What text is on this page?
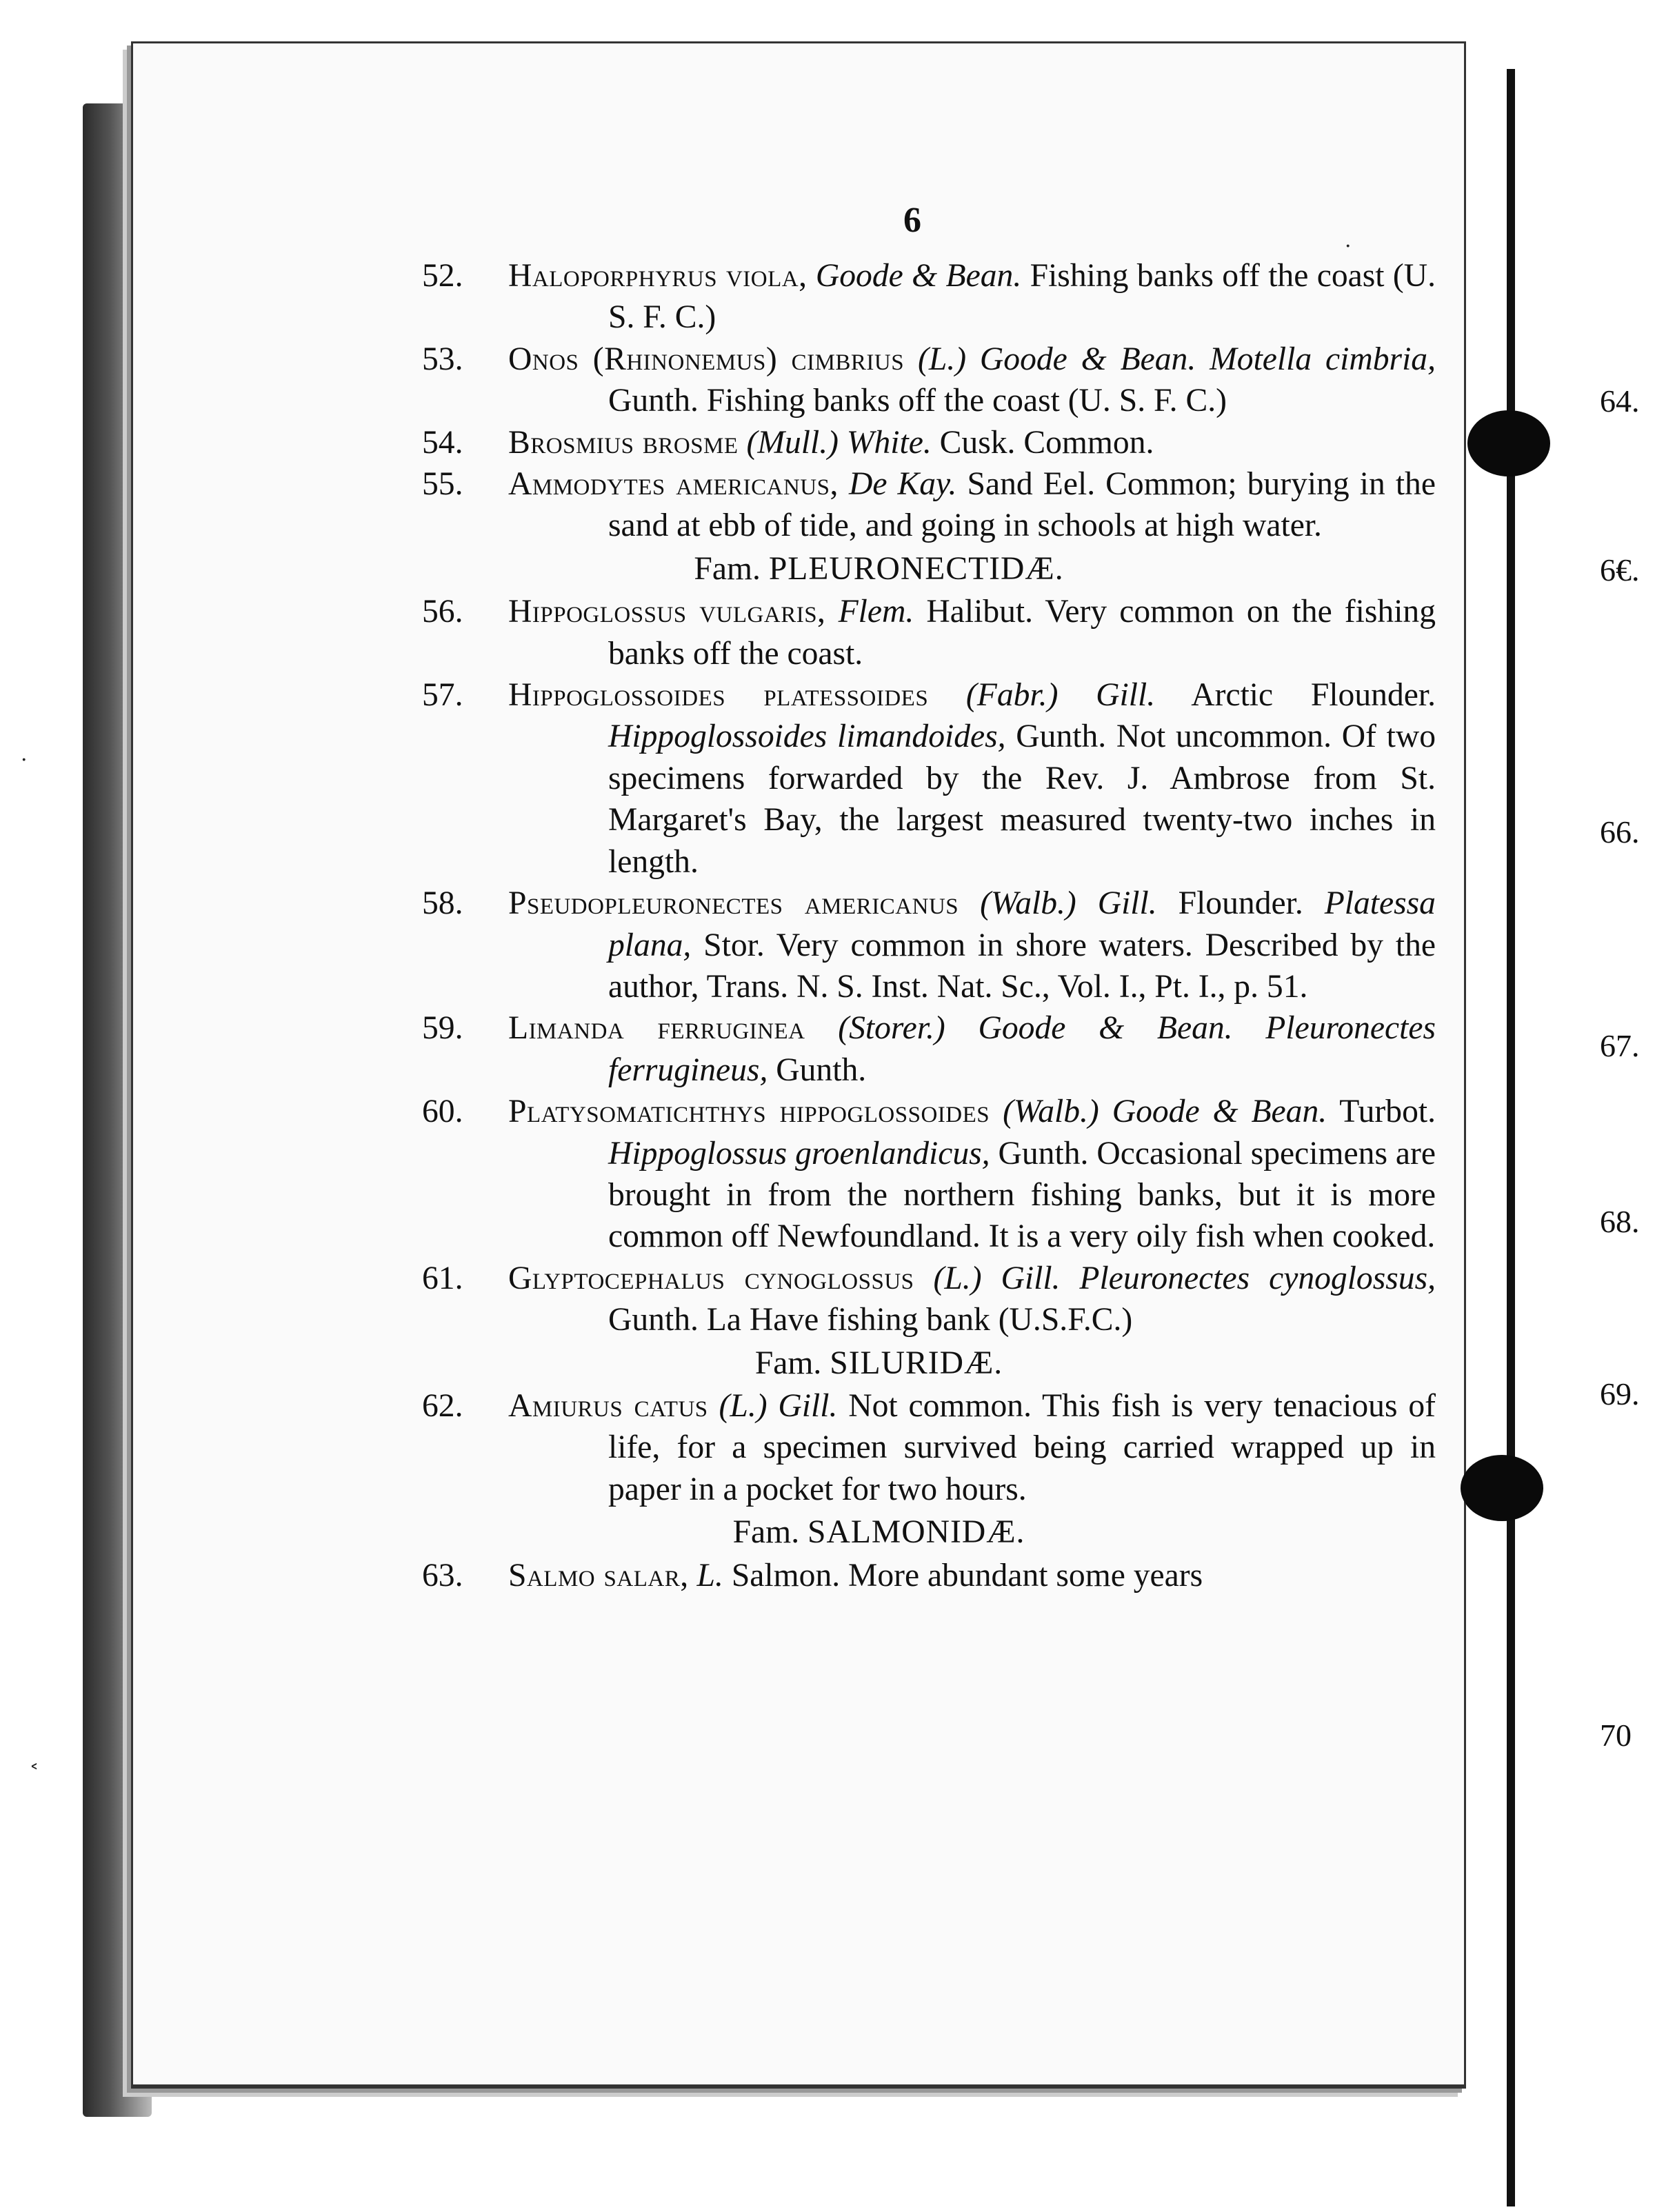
64.
6€.
66.
67.
68.
69.
70
·
·
˂
6
52.	Haloporphyrus viola, Goode & Bean. Fishing banks off the coast (U. S. F. C.)
53.	Onos (Rhinonemus) cimbrius (L.) Goode & Bean. Motella cimbria, Gunth. Fishing banks off the coast (U. S. F. C.)
54.	Brosmius brosme (Mull.) White. Cusk. Common.
55.	Ammodytes americanus, De Kay. Sand Eel. Common; burying in the sand at ebb of tide, and going in schools at high water.
Fam. PLEURONECTIDÆ.
56.	Hippoglossus vulgaris, Flem. Halibut. Very common on the fishing banks off the coast.
57.	Hippoglossoides platessoides (Fabr.) Gill. Arctic Flounder. Hippoglossoides limandoides, Gunth. Not uncommon. Of two specimens forwarded by the Rev. J. Ambrose from St. Margaret's Bay, the largest measured twenty-two inches in length.
58.	Pseudopleuronectes americanus (Walb.) Gill. Flounder. Platessa plana, Stor. Very common in shore waters. Described by the author, Trans. N. S. Inst. Nat. Sc., Vol. I., Pt. I., p. 51.
59.	Limanda ferruginea (Storer.) Goode & Bean. Pleuronectes ferrugineus, Gunth.
60.	Platysomatichthys hippoglossoides (Walb.) Goode & Bean. Turbot. Hippoglossus groenlandicus, Gunth. Occasional specimens are brought in from the northern fishing banks, but it is more common off Newfoundland. It is a very oily fish when cooked.
61.	Glyptocephalus cynoglossus (L.) Gill. Pleuronectes cynoglossus, Gunth. La Have fishing bank (U.S.F.C.)
Fam. SILURIDÆ.
62.	Amiurus catus (L.) Gill. Not common. This fish is very tenacious of life, for a specimen survived being carried wrapped up in paper in a pocket for two hours.
Fam. SALMONIDÆ.
63.	Salmo salar, L. Salmon. More abundant some years
